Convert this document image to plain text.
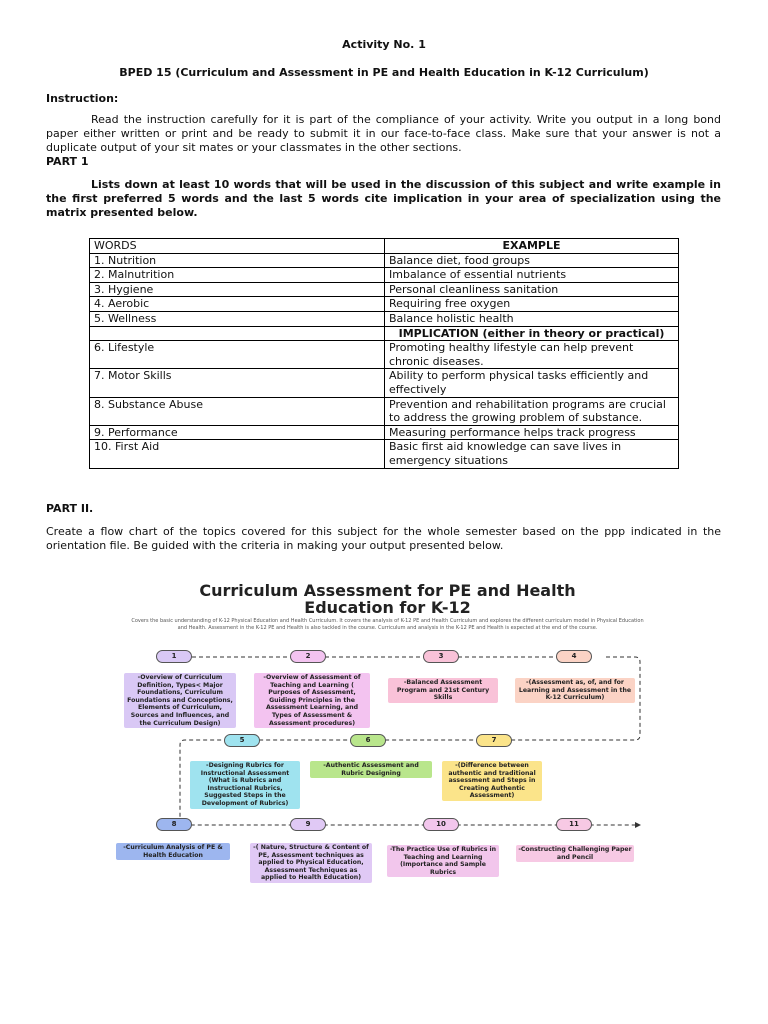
Activity No. 1
BPED 15 (Curriculum and Assessment in PE and Health Education in K-12 Curriculum)
Instruction:
Read the instruction carefully for it is part of the compliance of your activity. Write you output in a long bond paper either written or print and be ready to submit it in our face-to-face class. Make sure that your answer is not a duplicate output of your sit mates or your classmates in the other sections.
PART 1
Lists down at least 10 words that will be used in the discussion of this subject and write example in the first preferred 5 words and the last 5 words cite implication in your area of specialization using the matrix presented below.
WORDS	EXAMPLE
1. Nutrition	Balance diet, food groups
2. Malnutrition	Imbalance of essential nutrients
3. Hygiene	Personal cleanliness sanitation
4. Aerobic	Requiring free oxygen
5. Wellness	Balance holistic health
	IMPLICATION (either in theory or practical)
6. Lifestyle	Promoting healthy lifestyle can help prevent chronic diseases.
7. Motor Skills	Ability to perform physical tasks efficiently and effectively
8. Substance Abuse	Prevention and rehabilitation programs are crucial to address the growing problem of substance.
9. Performance	Measuring performance helps track progress
10. First Aid	Basic first aid knowledge can save lives in emergency situations
PART II.
Create a flow chart of the topics covered for this subject for the whole semester based on the ppp indicated in the orientation file. Be guided with the criteria in making your output presented below.
Curriculum Assessment for PE and Health
Education for K-12
Covers the basic understanding of K-12 Physical Education and Health Curriculum. It covers the analysis of K-12 PE and Health Curriculum and explores the different curriculum model in Physical Education and Health. Assessment in the K-12 PE and Health is also tackled in the course. Curriculum and analysis in the K-12 PE and Health is expected at the end of the course.
1	2	3	4
-Overview of Curriculum Definition, Types< Major Foundations, Curriculum Foundations and Conceptions, Elements of Curriculum, Sources and Influences, and the Curriculum Design)
-Overview of Assessment of Teaching and Learning ( Purposes of Assessment, Guiding Principles in the Assessment Learning, and Types of Assessment & Assessment procedures)
-Balanced Assessment Program and 21st Century Skills
-(Assessment as, of, and for Learning and Assessment in the K-12 Curriculum)
5	6	7
-Designing Rubrics for Instructional Assessment (What is Rubrics and Instructional Rubrics, Suggested Steps in the Development of Rubrics)
-Authentic Assessment and Rubric Designing
-(Difference between authentic and traditional assessment and Steps in Creating Authentic Assessment)
8	9	10	11
-Curriculum Analysis of PE & Health Education
-( Nature, Structure & Content of PE, Assessment techniques as applied to Physical Education, Assessment Techniques as applied to Health Education)
-The Practice Use of Rubrics in Teaching and Learning (Importance and Sample Rubrics
-Constructing Challenging Paper and Pencil
